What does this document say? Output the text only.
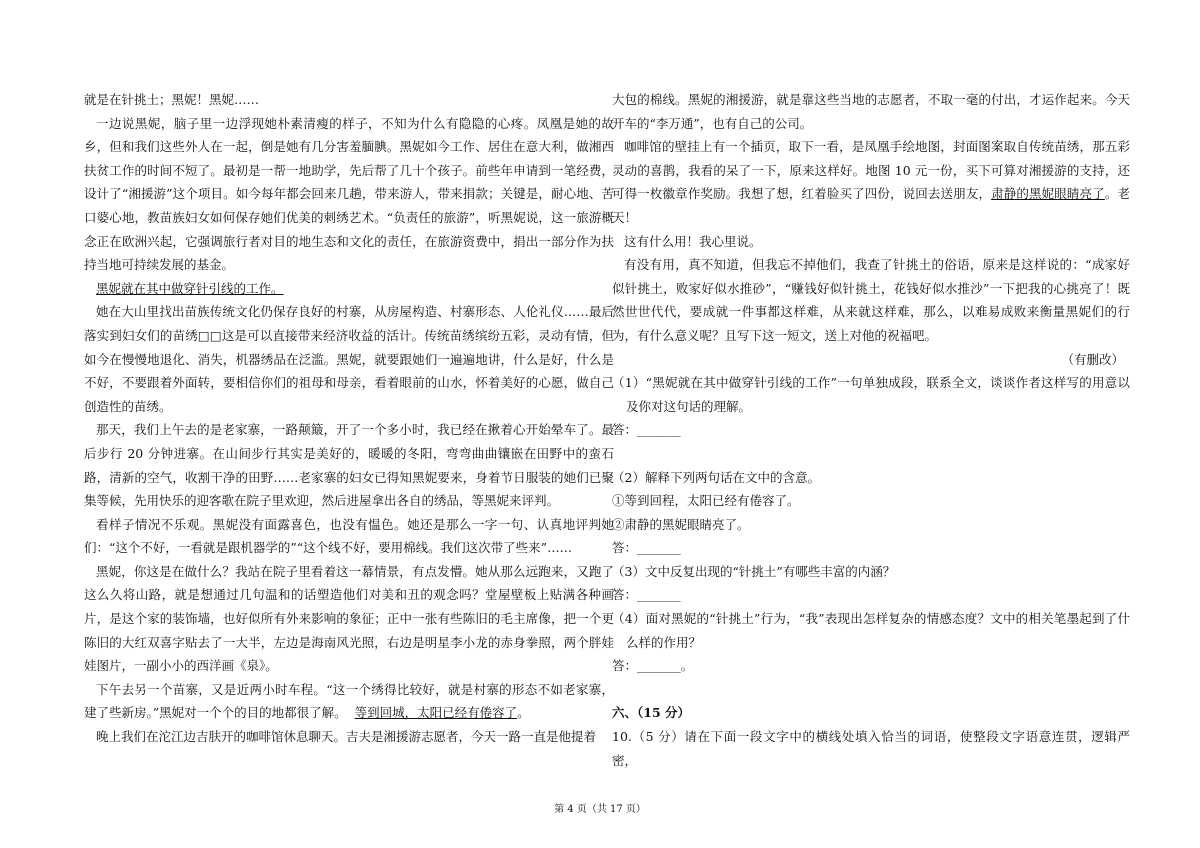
就是在针挑土；黑妮！黑妮……

一边说黑妮，脑子里一边浮现她朴素清瘦的样子，不知为什么有隐隐的心疼。凤凰是她的故乡，但和我们这些外人在一起，倒是她有几分害羞腼腆。黑妮如今工作、居住在意大利，做湘西扶贫工作的时间不短了。最初是一帮一地助学，先后帮了几十个孩子。前些年申请到一笔经费，设计了“湘援游”这个项目。如今每年都会回来几趟，带来游人，带来捐款；关键是，耐心地、苦口婆心地，教苗族妇女如何保存她们优美的刺绣艺术。“负责任的旅游”，听黑妮说，这一旅游概念正在欧洲兴起，它强调旅行者对目的地生态和文化的责任，在旅游资费中，捐出一部分作为扶持当地可持续发展的基金。

黑妮就在其中做穿针引线的工作。

她在大山里找出苗族传统文化仍保存良好的村寨，从房屋构造、村寨形态、人伦礼仪……最后落实到妇女们的苗绣□□这是可以直接带来经济收益的活计。传统苗绣缤纷五彩，灵动有情，但如今在慢慢地退化、消失，机器绣品在泛滥。黑妮，就要跟她们一遍遍地讲，什么是好，什么是不好，不要跟着外面转，要相信你们的祖母和母亲，看着眼前的山水，怀着美好的心愿，做自己创造性的苗绣。

那天，我们上午去的是老家寨，一路颠簸，开了一个多小时，我已经在揪着心开始晕车了。最后步行 20 分钟进寨。在山间步行其实是美好的，暖暖的冬阳，弯弯曲曲镶嵌在田野中的蛮石路，清新的空气，收割干净的田野……老家寨的妇女已得知黑妮要来，身着节日服装的她们已聚集等候，先用快乐的迎客歌在院子里欢迎，然后进屋拿出各自的绣品，等黑妮来评判。

看样子情况不乐观。黑妮没有面露喜色，也没有愠色。她还是那么一字一句、认真地评判她们：“这个不好，一看就是跟机器学的”“这个线不好，要用棉线。我们这次带了些来”……

黑妮，你这是在做什么？我站在院子里看着这一幕情景，有点发懵。她从那么远跑来，又跑了这么久将山路，就是想通过几句温和的话塑造他们对美和丑的观念吗？堂屋壁板上贴满各种画片，是这个家的装饰墙，也好似所有外来影响的象征；正中一张有些陈旧的毛主席像，把一个更陈旧的大红双喜字贴去了一大半，左边是海南风光照，右边是明星李小龙的赤身拳照，两个胖娃娃图片，一副小小的西洋画《泉》。

下午去另一个苗寨，又是近两小时车程。“这一个绣得比较好，就是村寨的形态不如老家寨，建了些新房。”黑妮对一个个的目的地都很了解。 等到回城，太阳已经有倦容了。

晚上我们在沱江边吉肤开的咖啡馆休息聊天。吉夫是湘援游志愿者，今天一路一直是他提着

大包的棉线。黑妮的湘援游，就是靠这些当地的志愿者，不取一毫的付出，才运作起来。今天开车的“李万通”，也有自己的公司。

咖啡馆的壁挂上有一个插页，取下一看，是凤凰手绘地图，封面图案取自传统苗绣，那五彩灵动的喜鹊，我看的呆了一下，原来这样好。地图 10 元一份，买下可算对湘援游的支持，还可得一枚徽章作奖励。我想了想，红着脸买了四份，说回去送朋友，肃静的黑妮眼睛亮了。老天！

这有什么用！我心里说。

有没有用，真不知道，但我忘不掉他们，我查了针挑土的俗语，原来是这样说的：“成家好似针挑土，败家好似水推砂”，“赚钱好似针挑土，花钱好似水推沙”一下把我的心挑亮了！既然世世代代，要成就一件事都这样难，从来就这样难，那么，以难易成败来衡量黑妮们的行为，有什么意义呢？且写下这一短文，送上对他的祝福吧。

（有删改）

（1）“黑妮就在其中做穿针引线的工作”一句单独成段，联系全文，谈谈作者这样写的用意以及你对这句话的理解。

答：_______

（2）解释下列两句话在文中的含意。

①等到回程，太阳已经有倦容了。

②肃静的黑妮眼睛亮了。

答：_______

（3）文中反复出现的“针挑土”有哪些丰富的内涵？

答：_______

（4）面对黑妮的“针挑土”行为，“我”表现出怎样复杂的情感态度？文中的相关笔墨起到了什么样的作用？

答：_______。

六、（15 分）

10.（5 分）请在下面一段文字中的横线处填入恰当的词语，使整段文字语意连贯，逻辑严密，

第 4 页（共 17 页）
